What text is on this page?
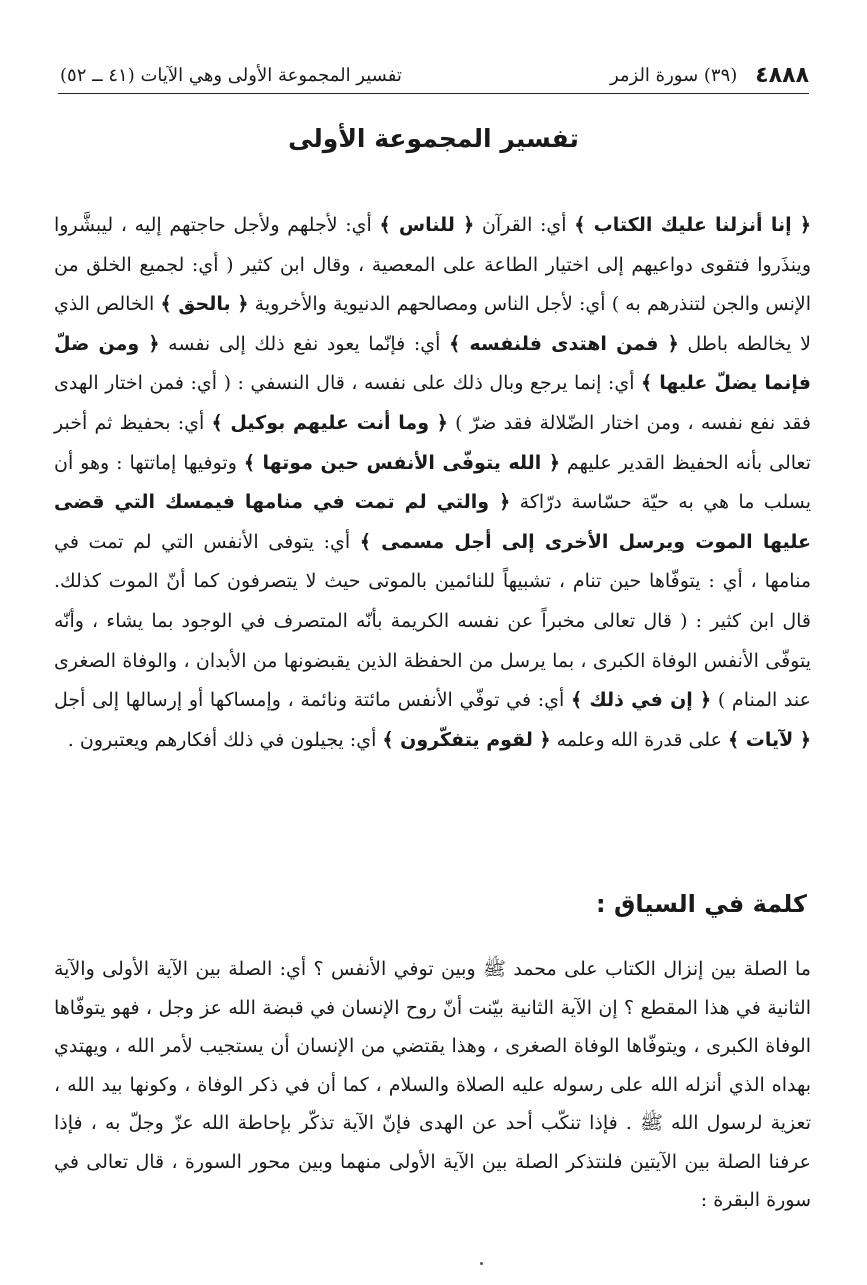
٤٨٨٨
(٣٩) سورة الزمر
تفسير المجموعة الأولى وهي الآيات (٤١ ــ ٥٢)
تفسير المجموعة الأولى

﴿ إنا أنزلنا عليك الكتاب ﴾ أي: القرآن ﴿ للناس ﴾ أي: لأجلهم ولأجل حاجتهم إليه ، ليبشَّروا وينذَروا فتقوى دواعيهم إلى اختيار الطاعة على المعصية ، وقال ابن كثير ( أي: لجميع الخلق من الإنس والجن لتنذرهم به ) أي: لأجل الناس ومصالحهم الدنيوية والأخروية ﴿ بالحق ﴾ الخالص الذي لا يخالطه باطل ﴿ فمن اهتدى فلنفسه ﴾ أي: فإنّما يعود نفع ذلك إلى نفسه ﴿ ومن ضلّ فإنما يضلّ عليها ﴾ أي: إنما يرجع وبال ذلك على نفسه ، قال النسفي : ( أي: فمن اختار الهدى فقد نفع نفسه ، ومن اختار الضّلالة فقد ضرّ ) ﴿ وما أنت عليهم بوكيل ﴾ أي: بحفيظ ثم أخبر تعالى بأنه الحفيظ القدير عليهم ﴿ الله يتوفّى الأنفس حين موتها ﴾ وتوفيها إماتتها : وهو أن يسلب ما هي به حيّة حسّاسة درّاكة ﴿ والتي لم تمت في منامها فيمسك التي قضى عليها الموت ويرسل الأخرى إلى أجل مسمى ﴾ أي: يتوفى الأنفس التي لم تمت في منامها ، أي : يتوفّاها حين تنام ، تشبيهاً للنائمين بالموتى حيث لا يتصرفون كما أنّ الموت كذلك. قال ابن كثير : ( قال تعالى مخبراً عن نفسه الكريمة بأنّه المتصرف في الوجود بما يشاء ، وأنّه يتوفّى الأنفس الوفاة الكبرى ، بما يرسل من الحفظة الذين يقبضونها من الأبدان ، والوفاة الصغرى عند المنام ) ﴿ إن في ذلك ﴾ أي: في توفّي الأنفس مائتة ونائمة ، وإمساكها أو إرسالها إلى أجل ﴿ لآيات ﴾ على قدرة الله وعلمه ﴿ لقوم يتفكّرون ﴾ أي: يجيلون في ذلك أفكارهم ويعتبرون .

كلمة في السياق :

ما الصلة بين إنزال الكتاب على محمد ﷺ وبين توفي الأنفس ؟ أي: الصلة بين الآية الأولى والآية الثانية في هذا المقطع ؟ إن الآية الثانية بيّنت أنّ روح الإنسان في قبضة الله عز وجل ، فهو يتوفّاها الوفاة الكبرى ، ويتوفّاها الوفاة الصغرى ، وهذا يقتضي من الإنسان أن يستجيب لأمر الله ، ويهتدي بهداه الذي أنزله الله على رسوله عليه الصلاة والسلام ، كما أن في ذكر الوفاة ، وكونها بيد الله ، تعزية لرسول الله ﷺ . فإذا تنكّب أحد عن الهدى فإنّ الآية تذكّر بإحاطة الله عزّ وجلّ به ، فإذا عرفنا الصلة بين الآيتين فلنتذكر الصلة بين الآية الأولى منهما وبين محور السورة ، قال تعالى في سورة البقرة :
